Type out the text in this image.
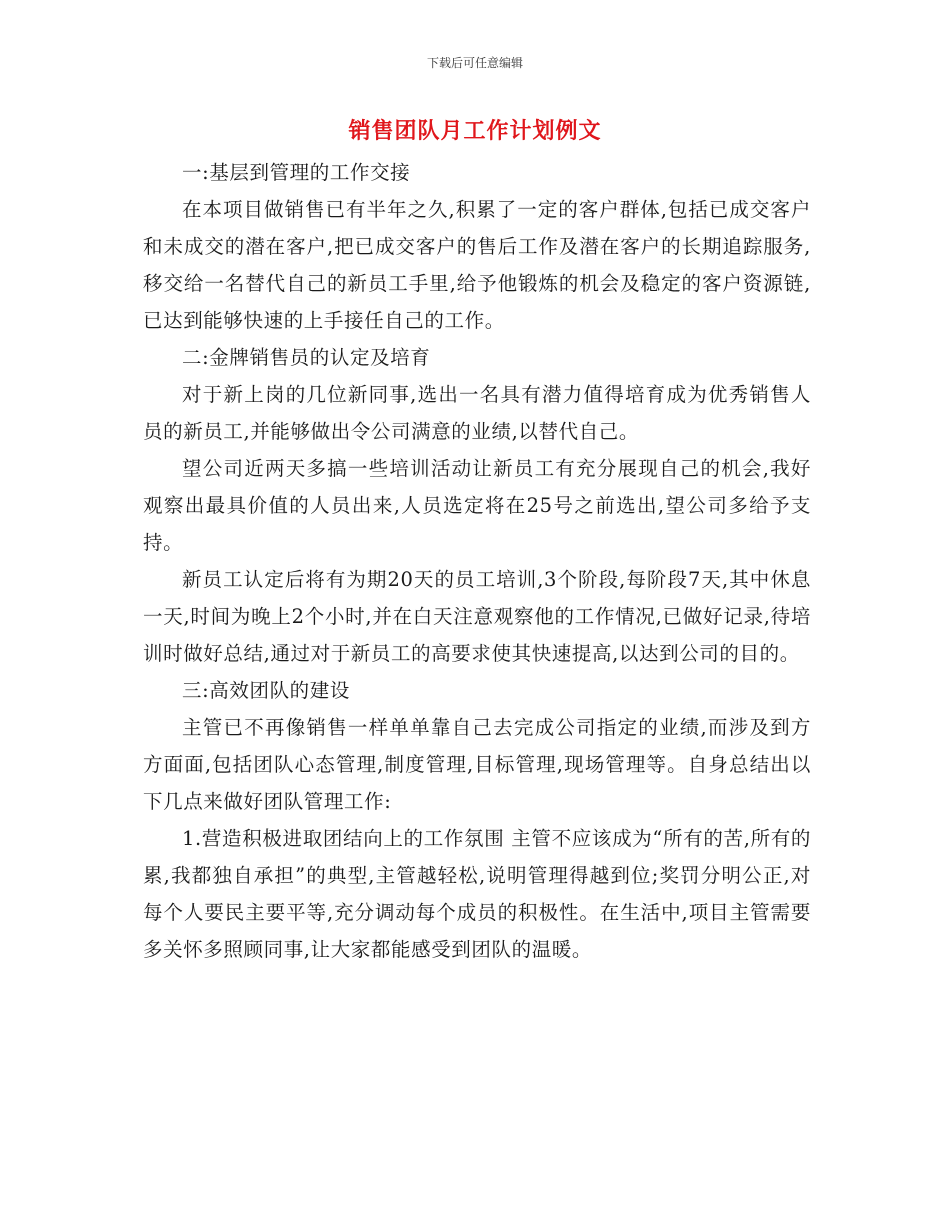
下载后可任意编辑
销售团队月工作计划例文

一:基层到管理的工作交接

在本项目做销售已有半年之久,积累了一定的客户群体,包括已成交客户和未成交的潜在客户,把已成交客户的售后工作及潜在客户的长期追踪服务,移交给一名替代自己的新员工手里,给予他锻炼的机会及稳定的客户资源链,已达到能够快速的上手接任自己的工作。

二:金牌销售员的认定及培育

对于新上岗的几位新同事,选出一名具有潜力值得培育成为优秀销售人员的新员工,并能够做出令公司满意的业绩,以替代自己。

望公司近两天多搞一些培训活动让新员工有充分展现自己的机会,我好观察出最具价值的人员出来,人员选定将在25号之前选出,望公司多给予支持。

新员工认定后将有为期20天的员工培训,3个阶段,每阶段7天,其中休息一天,时间为晚上2个小时,并在白天注意观察他的工作情况,已做好记录,待培训时做好总结,通过对于新员工的高要求使其快速提高,以达到公司的目的。

三:高效团队的建设

主管已不再像销售一样单单靠自己去完成公司指定的业绩,而涉及到方方面面,包括团队心态管理,制度管理,目标管理,现场管理等。自身总结出以下几点来做好团队管理工作:

1.营造积极进取团结向上的工作氛围 主管不应该成为“所有的苦,所有的累,我都独自承担”的典型,主管越轻松,说明管理得越到位;奖罚分明公正,对每个人要民主要平等,充分调动每个成员的积极性。在生活中,项目主管需要多关怀多照顾同事,让大家都能感受到团队的温暖。
